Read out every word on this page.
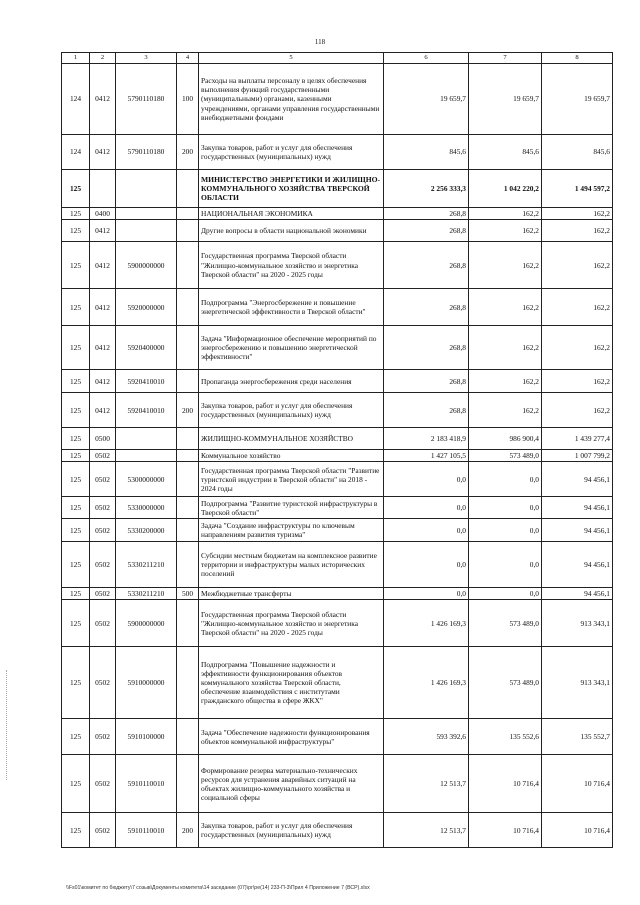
118
1	2	3	4	5	6	7	8
124	0412	5790110180	100	Расходы на выплаты персоналу в целях обеспечения выполнения функций государственными (муниципальными) органами, казенными учреждениями, органами управления государственными внебюджетными фондами	19 659,7	19 659,7	19 659,7
124	0412	5790110180	200	Закупка товаров, работ и услуг для обеспечения государственных (муниципальных) нужд	845,6	845,6	845,6
125				МИНИСТЕРСТВО ЭНЕРГЕТИКИ И ЖИЛИЩНО-КОММУНАЛЬНОГО ХОЗЯЙСТВА ТВЕРСКОЙ ОБЛАСТИ	2 256 333,3	1 042 220,2	1 494 597,2
125	0400			НАЦИОНАЛЬНАЯ ЭКОНОМИКА	268,8	162,2	162,2
125	0412			Другие вопросы в области национальной экономики	268,8	162,2	162,2
125	0412	5900000000		Государственная программа Тверской области "Жилищно-коммунальное хозяйство и энергетика Тверской области" на 2020 - 2025 годы	268,8	162,2	162,2
125	0412	5920000000		Подпрограмма "Энергосбережение и повышение энергетической эффективности в Тверской области"	268,8	162,2	162,2
125	0412	5920400000		Задача "Информационное обеспечение мероприятий по энергосбережению и повышению энергетической эффективности"	268,8	162,2	162,2
125	0412	5920410010		Пропаганда энергосбережения среди населения	268,8	162,2	162,2
125	0412	5920410010	200	Закупка товаров, работ и услуг для обеспечения государственных (муниципальных) нужд	268,8	162,2	162,2
125	0500			ЖИЛИЩНО-КОММУНАЛЬНОЕ ХОЗЯЙСТВО	2 183 418,9	986 900,4	1 439 277,4
125	0502			Коммунальное хозяйство	1 427 105,5	573 489,0	1 007 799,2
125	0502	5300000000		Государственная программа Тверской области "Развитие туристской индустрии в Тверской области" на 2018 - 2024 годы	0,0	0,0	94 456,1
125	0502	5330000000		Подпрограмма "Развитие туристской инфраструктуры в Тверской области"	0,0	0,0	94 456,1
125	0502	5330200000		Задача "Создание инфраструктуры по ключевым направлениям развития туризма"	0,0	0,0	94 456,1
125	0502	5330211210		Субсидии местным бюджетам на комплексное развитие территории и инфраструктуры малых исторических поселений	0,0	0,0	94 456,1
125	0502	5330211210	500	Межбюджетные трансферты	0,0	0,0	94 456,1
125	0502	5900000000		Государственная программа Тверской области "Жилищно-коммунальное хозяйство и энергетика Тверской области" на 2020 - 2025 годы	1 426 169,3	573 489,0	913 343,1
125	0502	5910000000		Подпрограмма "Повышение надежности и эффективности функционирования объектов коммунального хозяйства Тверской области, обеспечение взаимодействия с институтами гражданского общества в сфере ЖКХ"	1 426 169,3	573 489,0	913 343,1
125	0502	5910100000		Задача "Обеспечение надежности функционирования объектов коммунальной инфраструктуры"	593 392,6	135 552,6	135 552,7
125	0502	5910110010		Формирование резерва материально-технических ресурсов для устранения аварийных ситуаций на объектах жилищно-коммунального хозяйства и социальной сферы	12 513,7	10 716,4	10 716,4
125	0502	5910110010	200	Закупка товаров, работ и услуг для обеспечения государственных (муниципальных) нужд	12 513,7	10 716,4	10 716,4
\\Fs01\комитет по бюджету\7 созыв\Документы комитета\14 заседание (07)\рг\ре(14) 233-П-3\Прил 4 Приложение 7 (ВСР).xlsx
